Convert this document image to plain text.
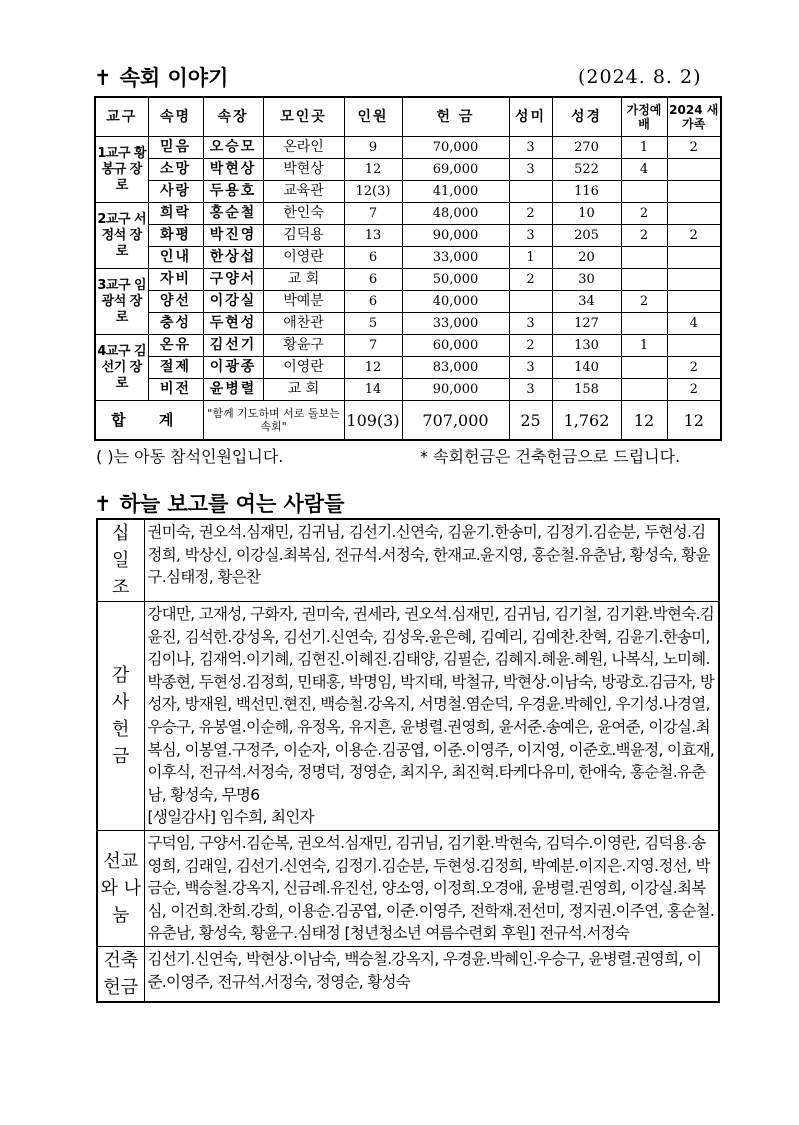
✝ 속회 이야기	(2024. 8. 2)
교구	속명	속장	모인곳	인원	헌 금	성미	성경	가정예배	2024 새가족
1교구 황봉규 장로	믿음	오승모	온라인	9	70,000	3	270	1	2
	소망	박현상	박현상	12	69,000	3	522	4	
	사랑	두용호	교육관	12(3)	41,000		116		
2교구 서정석 장로	희락	홍순철	한인숙	7	48,000	2	10	2	
	화평	박진영	김덕용	13	90,000	3	205	2	2
	인내	한상섭	이영란	6	33,000	1	20		
3교구 임광석 장로	자비	구양서	교 회	6	50,000	2	30		
	양선	이강실	박예분	6	40,000		34	2	
	충성	두현성	애찬관	5	33,000	3	127		4
4교구 김선기 장로	온유	김선기	황윤구	7	60,000	2	130	1	
	절제	이광종	이영란	12	83,000	3	140		2
	비전	윤병렬	교 회	14	90,000	3	158		2
합 계		"함께 기도하며 서로 돌보는 속회"		109(3)	707,000	25	1,762	12	12
( )는 아동 참석인원입니다.	* 속회헌금은 건축헌금으로 드립니다.
✝ 하늘 보고를 여는 사람들
십 일 조	권미숙, 권오석.심재민, 김귀님, 김선기.신연숙, 김윤기.한송미, 김정기.김순분, 두현성.김정희, 박상신, 이강실.최복심, 전규석.서정숙, 한재교.윤지영, 홍순철.유춘남, 황성숙, 황윤구.심태정, 황은찬
감 사 헌 금	강대만, 고재성, 구화자, 권미숙, 권세라, 권오석.심재민, 김귀님, 김기철, 김기환.박현숙.김윤진, 김석한.강성옥, 김선기.신연숙, 김성욱.윤은혜, 김예리, 김예찬.찬혁, 김윤기.한송미, 김이나, 김재억.이기혜, 김현진.이혜진.김태양, 김필순, 김혜지.혜윤.혜원, 나복식, 노미혜.박종현, 두현성.김정희, 민태홍, 박명임, 박지태, 박철규, 박현상.이남숙, 방광호.김금자, 방성자, 방재원, 백선민.현진, 백승철.강옥지, 서명철.염순덕, 우경윤.박혜인, 우기성.나경열, 우승구, 유봉열.이순해, 유정옥, 유지흔, 윤병렬.권영희, 윤서준.송예은, 윤여준, 이강실.최복심, 이봉열.구정주, 이순자, 이용순.김공엽, 이준.이영주, 이지영, 이준호.백윤정, 이효재, 이후식, 전규석.서정숙, 정명덕, 정영순, 최지우, 최진혁.타케다유미, 한애숙, 홍순철.유춘남, 황성숙, 무명6
[생일감사] 임수희, 최인자
선교 와 나눔	구덕임, 구양서.김순복, 권오석.심재민, 김귀님, 김기환.박현숙, 김덕수.이영란, 김덕용.송영희, 김래일, 김선기.신연숙, 김정기.김순분, 두현성.김정희, 박예분.이지은.지영.정선, 박금순, 백승철.강옥지, 신금례.유진선, 양소영, 이정희.오경애, 윤병렬.권영희, 이강실.최복심, 이건희.찬희.강희, 이용순.김공엽, 이준.이영주, 전학재.전선미, 정지권.이주연, 홍순철.유춘남, 황성숙, 황윤구.심태정 [청년청소년 여름수련회 후원] 전규석.서정숙
건축 헌금	김선기.신연숙, 박현상.이남숙, 백승철.강옥지, 우경윤.박혜인.우승구, 윤병렬.권영희, 이준.이영주, 전규석.서정숙, 정영순, 황성숙
